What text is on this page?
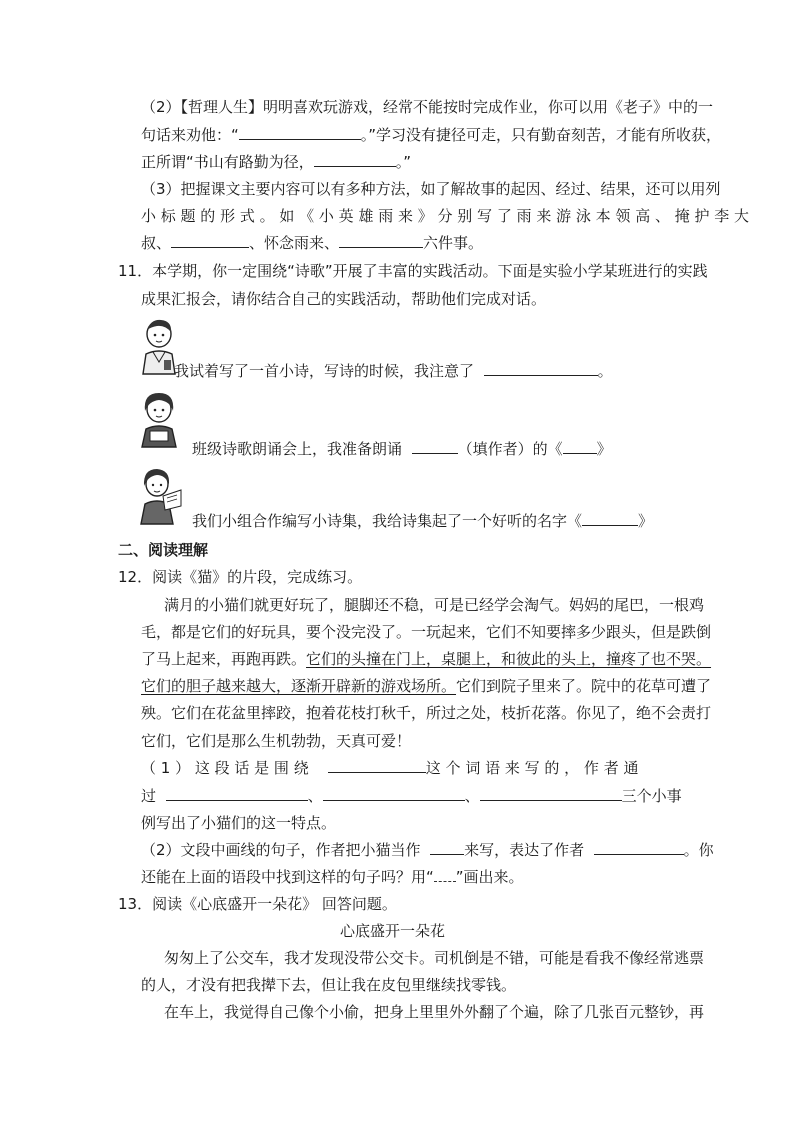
（2）【哲理人生】明明喜欢玩游戏，经常不能按时完成作业，你可以用《老子》中的一
句话来劝他：“	。”学习没有捷径可走，只有勤奋刻苦，才能有所收获，
正所谓“书山有路勤为径，	。”
（3）把握课文主要内容可以有多种方法，如了解故事的起因、经过、结果，还可以用列
小 标 题 的 形 式 。 如 《 小 英 雄 雨 来 》 分 别 写 了 雨 来 游 泳 本 领 高 、 掩 护 李 大
叔、	、怀念雨来、	六件事。
11．本学期，你一定围绕“诗歌”开展了丰富的实践活动。下面是实验小学某班进行的实践
成果汇报会，请你结合自己的实践活动，帮助他们完成对话。
我试着写了一首小诗，写诗的时候，我注意了	。
班级诗歌朗诵会上，我准备朗诵	（填作者）的《 》
我们小组合作编写小诗集，我给诗集起了一个好听的名字《	》
二、阅读理解
12．阅读《猫》的片段，完成练习。
满月的小猫们就更好玩了，腿脚还不稳，可是已经学会淘气。妈妈的尾巴，一根鸡
毛，都是它们的好玩具，要个没完没了。一玩起来，它们不知要摔多少跟头，但是跌倒
了马上起来，再跑再跌。它们的头撞在门上，桌腿上，和彼此的头上，撞疼了也不哭。
它们的胆子越来越大，逐渐开辟新的游戏场所。它们到院子里来了。院中的花草可遭了
殃。它们在花盆里摔跤，抱着花枝打秋千，所过之处，枝折花落。你见了，绝不会责打
它们，它们是那么生机勃勃，天真可爱！
（ 1 ） 这 段 话 是 围 绕	这 个 词 语 来 写 的 ， 作 者 通
过	、	、	三个小事
例写出了小猫们的这一特点。
（2）文段中画线的句子，作者把小猫当作	来写，表达了作者	。你
还能在上面的语段中找到这样的句子吗？用“ ”画出来。
13．阅读《心底盛开一朵花》 回答问题。
心底盛开一朵花
匆匆上了公交车，我才发现没带公交卡。司机倒是不错，可能是看我不像经常逃票
的人，才没有把我撵下去，但让我在皮包里继续找零钱。
在车上，我觉得自己像个小偷，把身上里里外外翻了个遍，除了几张百元整钞，再
